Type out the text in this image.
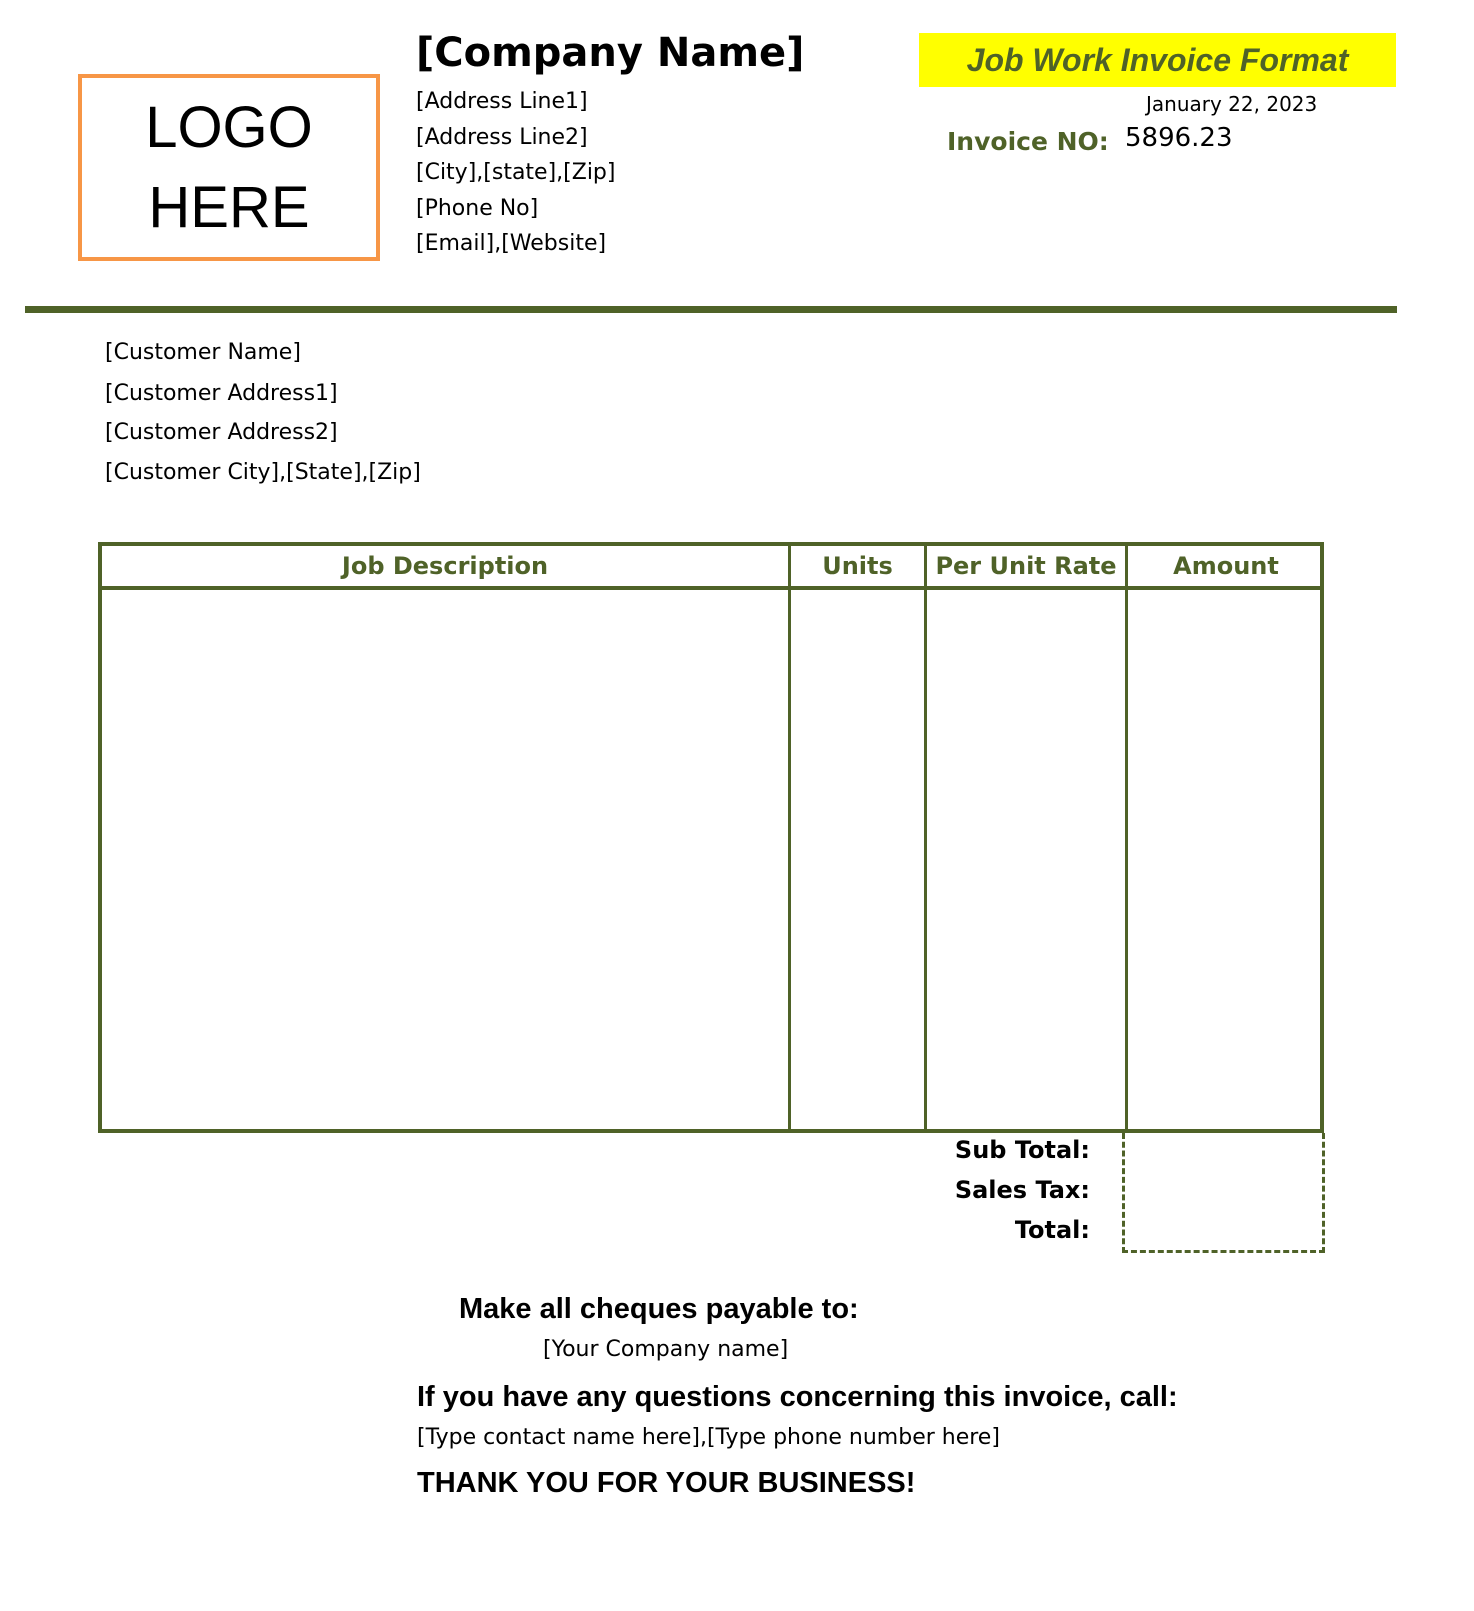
LOGO
HERE
[Company Name]
[Address Line1]
[Address Line2]
[City],[state],[Zip]
[Phone No]
[Email],[Website]
Job Work Invoice Format
January 22, 2023
Invoice NO: 5896.23
[Customer Name]
[Customer Address1]
[Customer Address2]
[Customer City],[State],[Zip]
Job Description	Units	Per Unit Rate	Amount
Sub Total:
Sales Tax:
Total:
Make all cheques payable to:
[Your Company name]
If you have any questions concerning this invoice, call:
[Type contact name here],[Type phone number here]
THANK YOU FOR YOUR BUSINESS!
